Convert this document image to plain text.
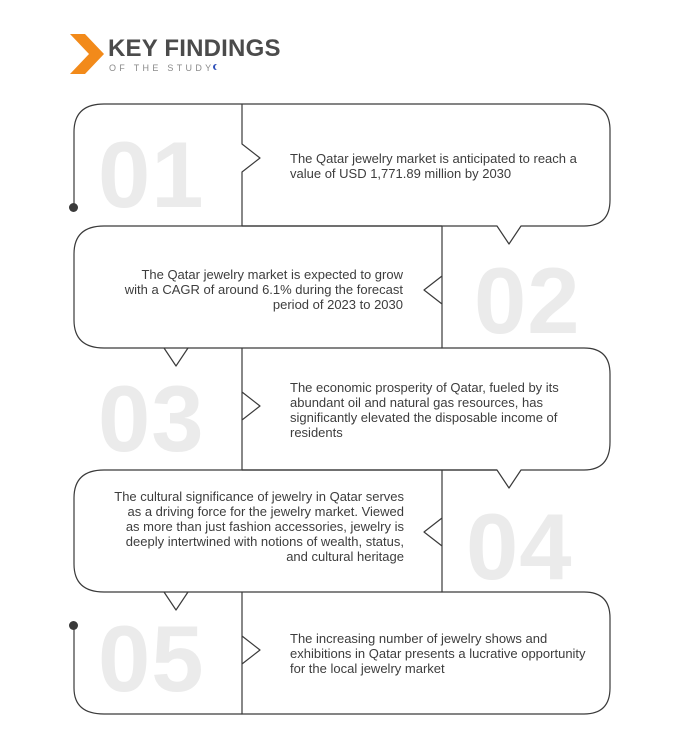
KEY FINDINGS
OF THE STUDY
01	The Qatar jewelry market is anticipated to reach a value of USD 1,771.89 million by 2030

02

The Qatar jewelry market is expected to grow with a CAGR of around 6.1% during the forecast period of 2023 to 2030

03	The economic prosperity of Qatar, fueled by its abundant oil and natural gas resources, has significantly elevated the disposable income of residents

04

The cultural significance of jewelry in Qatar serves as a driving force for the jewelry market. Viewed as more than just fashion accessories, jewelry is deeply intertwined with notions of wealth, status, and cultural heritage

05	The increasing number of jewelry shows and exhibitions in Qatar presents a lucrative opportunity for the local jewelry market
